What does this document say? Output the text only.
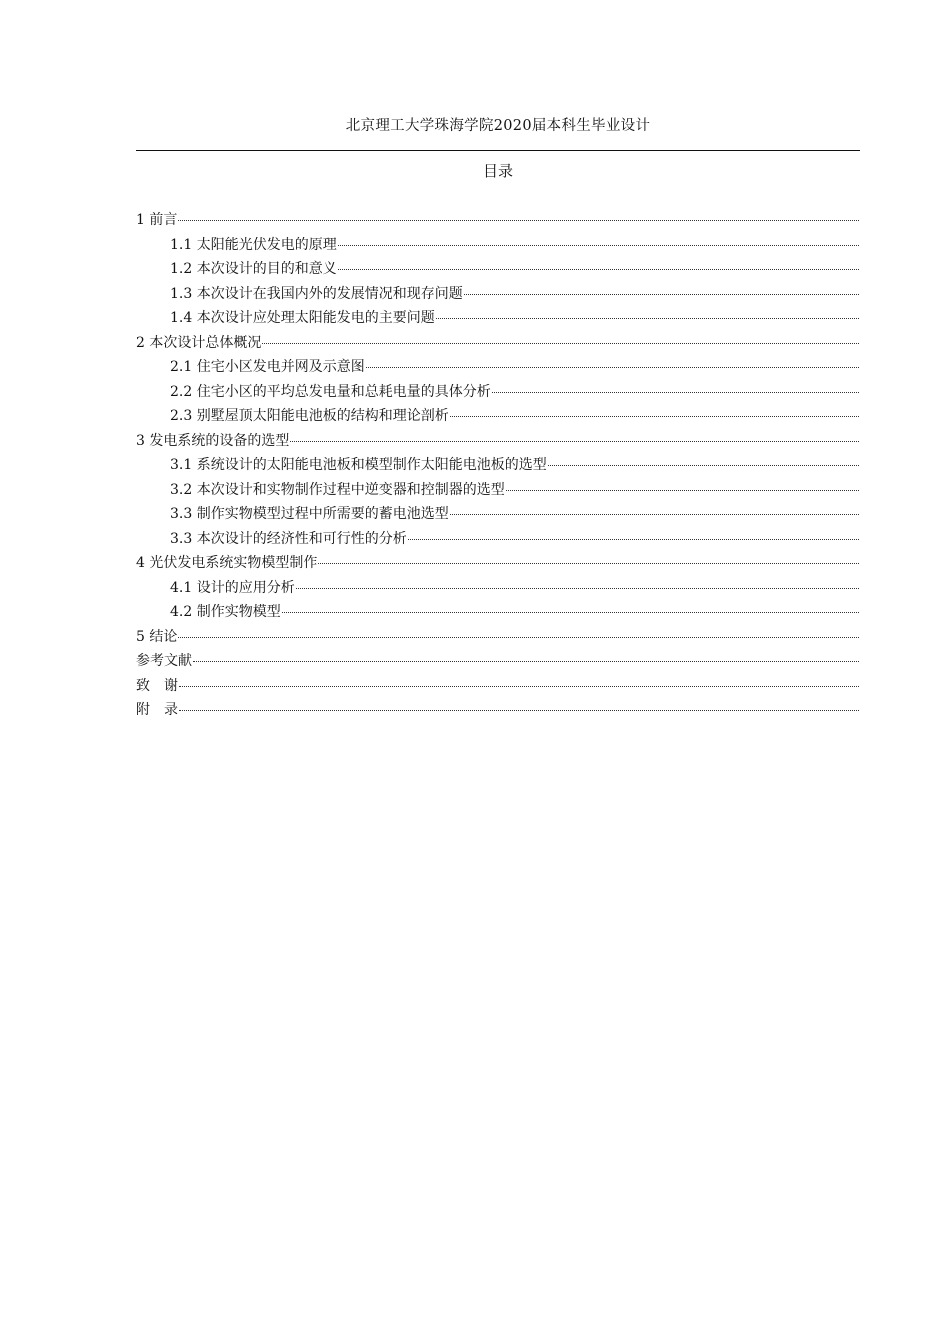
北京理工大学珠海学院2020届本科生毕业设计
目录
1 前言
1.1 太阳能光伏发电的原理
1.2 本次设计的目的和意义
1.3 本次设计在我国内外的发展情况和现存问题
1.4 本次设计应处理太阳能发电的主要问题
2 本次设计总体概况
2.1 住宅小区发电并网及示意图
2.2 住宅小区的平均总发电量和总耗电量的具体分析
2.3 别墅屋顶太阳能电池板的结构和理论剖析
3 发电系统的设备的选型
3.1 系统设计的太阳能电池板和模型制作太阳能电池板的选型
3.2 本次设计和实物制作过程中逆变器和控制器的选型
3.3 制作实物模型过程中所需要的蓄电池选型
3.3 本次设计的经济性和可行性的分析
4 光伏发电系统实物模型制作
4.1 设计的应用分析
4.2 制作实物模型
5 结论
参考文献
致　谢
附　录
